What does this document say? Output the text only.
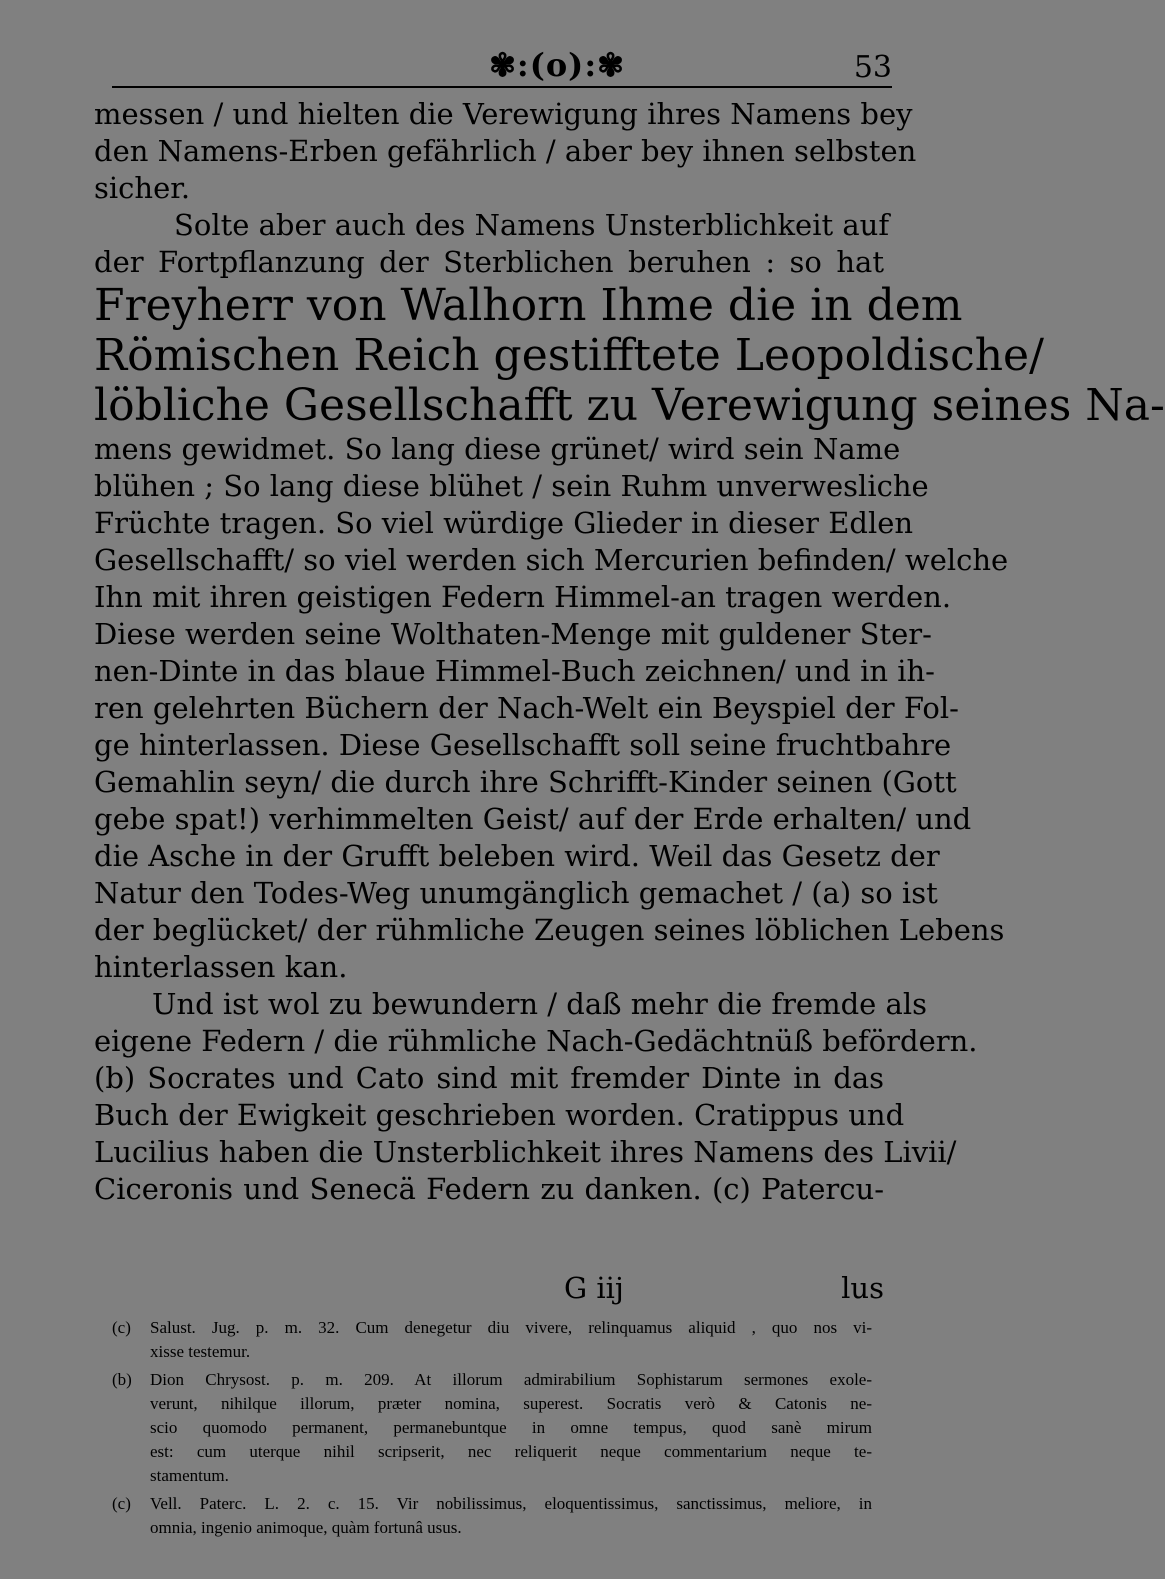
✾:(o):✾	53
messen / und hielten die Verewigung ihres Namens bey
den Namens-Erben gefährlich / aber bey ihnen selbsten
sicher.
Solte aber auch des Namens Unsterblichkeit auf
der Fortpflanzung der Sterblichen beruhen : so hat
Freyherr von Walhorn Ihme die in dem
Römischen Reich gestifftete Leopoldische/
löbliche Gesellschafft zu Verewigung seines Na-
mens gewidmet. So lang diese grünet/ wird sein Name
blühen ; So lang diese blühet / sein Ruhm unverwesliche
Früchte tragen. So viel würdige Glieder in dieser Edlen
Gesellschafft/ so viel werden sich Mercurien befinden/ welche
Ihn mit ihren geistigen Federn Himmel-an tragen werden.
Diese werden seine Wolthaten-Menge mit guldener Ster-
nen-Dinte in das blaue Himmel-Buch zeichnen/ und in ih-
ren gelehrten Büchern der Nach-Welt ein Beyspiel der Fol-
ge hinterlassen. Diese Gesellschafft soll seine fruchtbahre
Gemahlin seyn/ die durch ihre Schrifft-Kinder seinen (Gott
gebe spat!) verhimmelten Geist/ auf der Erde erhalten/ und
die Asche in der Grufft beleben wird. Weil das Gesetz der
Natur den Todes-Weg unumgänglich gemachet / (a) so ist
der beglücket/ der rühmliche Zeugen seines löblichen Lebens
hinterlassen kan.
Und ist wol zu bewundern / daß mehr die fremde als
eigene Federn / die rühmliche Nach-Gedächtnüß befördern.
(b) Socrates und Cato sind mit fremder Dinte in das
Buch der Ewigkeit geschrieben worden. Cratippus und
Lucilius haben die Unsterblichkeit ihres Namens des Livii/
Ciceronis und Senecä Federn zu danken. (c) Patercu-
G iij	lus
(c) Salust. Jug. p. m. 32. Cum denegetur diu vivere, relinquamus aliquid , quo nos vi-
xisse testemur.
(b) Dion Chrysost. p. m. 209. At illorum admirabilium Sophistarum sermones exole-
verunt, nihilque illorum, præter nomina, superest. Socratis verò & Catonis ne-
scio quomodo permanent, permanebuntque in omne tempus, quod sanè mirum
est: cum uterque nihil scripserit, nec reliquerit neque commentarium neque te-
stamentum.
(c) Vell. Paterc. L. 2. c. 15. Vir nobilissimus, eloquentissimus, sanctissimus, meliore, in
omnia, ingenio animoque, quàm fortunâ usus.
